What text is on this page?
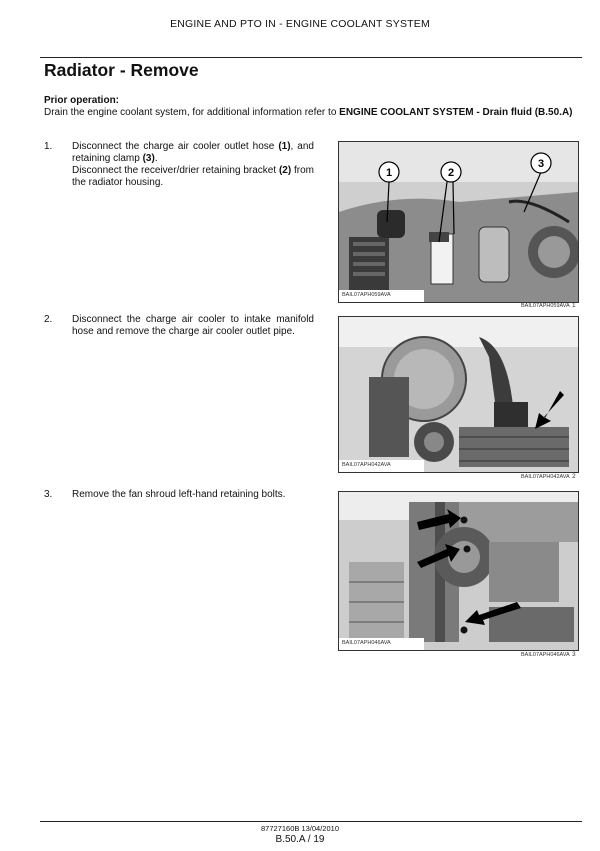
ENGINE AND PTO IN - ENGINE COOLANT SYSTEM
Radiator - Remove
Prior operation:
Drain the engine coolant system, for additional information refer to ENGINE COOLANT SYSTEM - Drain fluid (B.50.A)
1. Disconnect the charge air cooler outlet hose (1), and retaining clamp (3).
Disconnect the receiver/drier retaining bracket (2) from the radiator housing.
1	2
3
BAIL07APH059AVA
BAIL07APH059AVA 1
2. Disconnect the charge air cooler to intake manifold hose and remove the charge air cooler outlet pipe.
BAIL07APH042AVA
BAIL07APH042AVA 2
3. Remove the fan shroud left-hand retaining bolts.
BAIL07APH046AVA
BAIL07APH046AVA 3
87727160B 13/04/2010
B.50.A / 19
